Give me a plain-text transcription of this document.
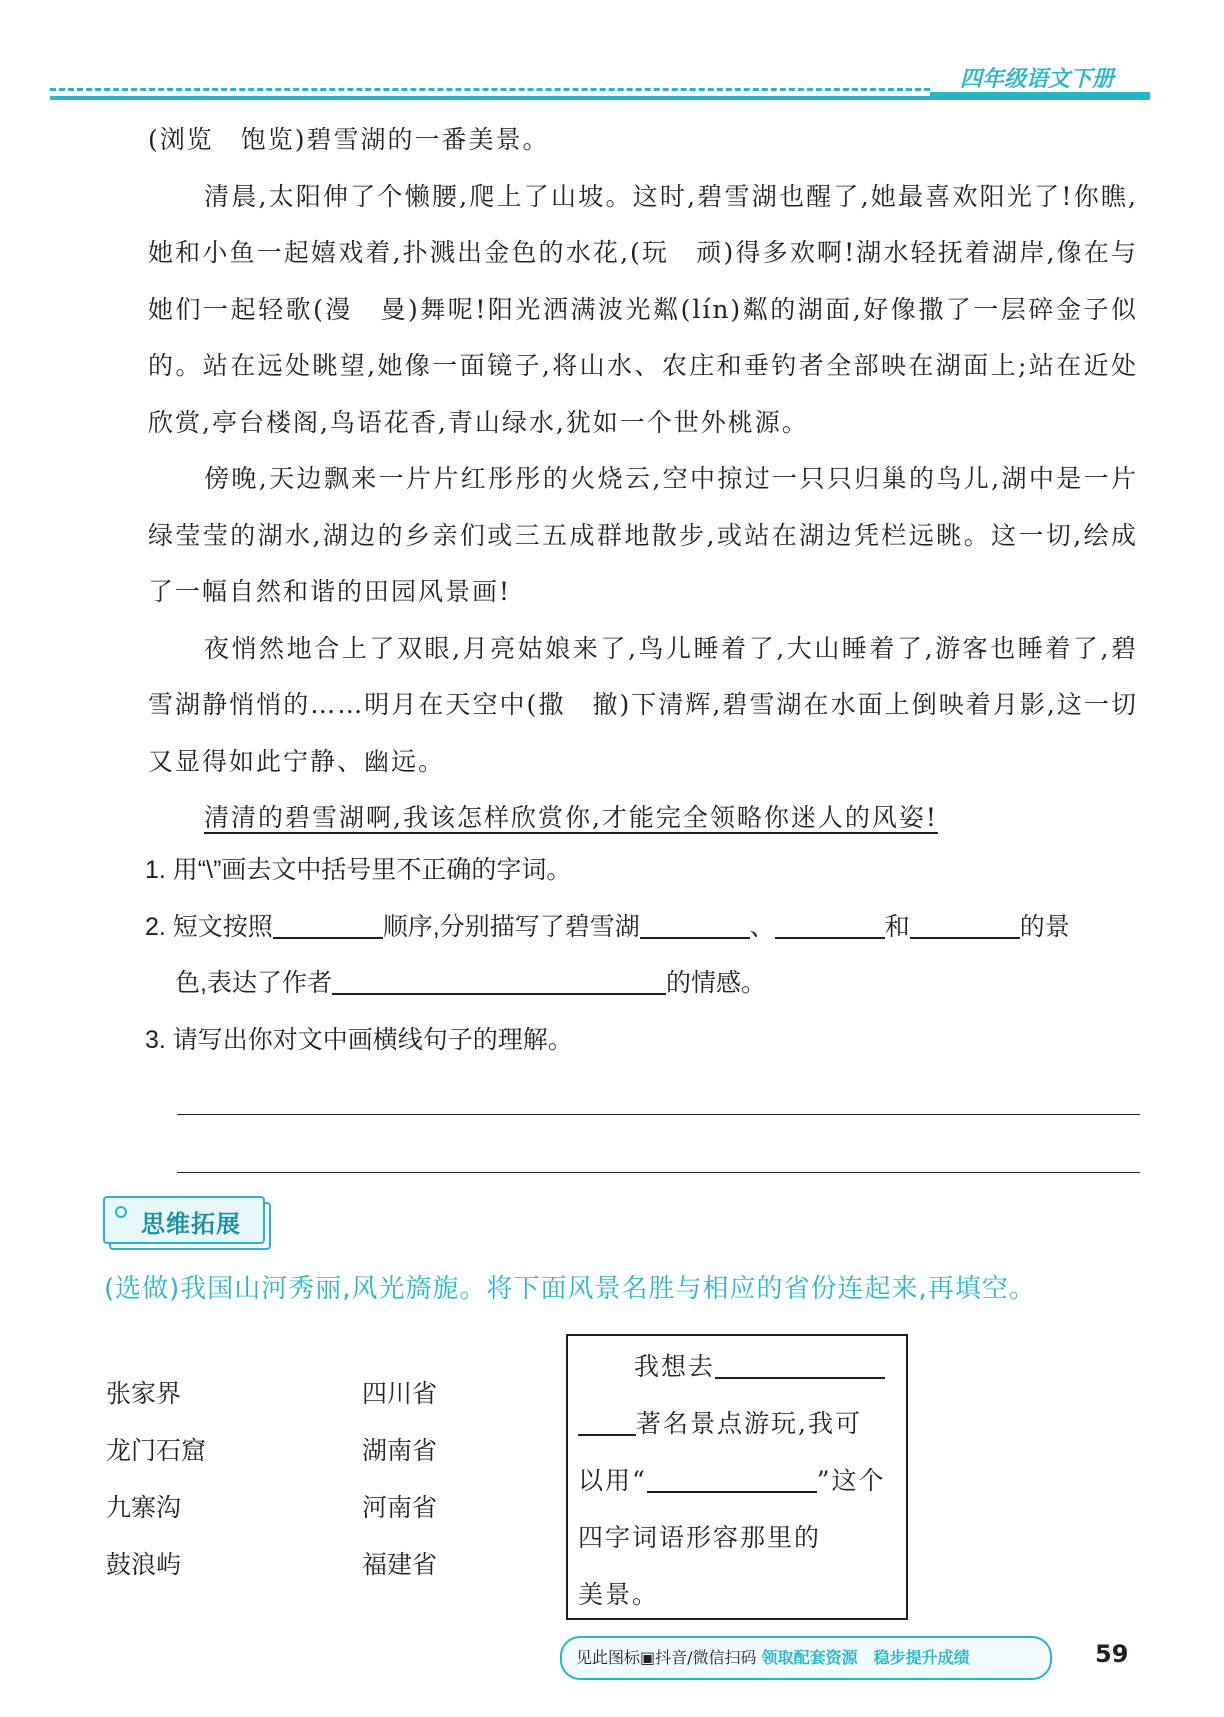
四年级语文下册

(浏览　饱览)碧雪湖的一番美景。

清晨,太阳伸了个懒腰,爬上了山坡。这时,碧雪湖也醒了,她最喜欢阳光了!你瞧,她和小鱼一起嬉戏着,扑溅出金色的水花,(玩　顽)得多欢啊!湖水轻抚着湖岸,像在与她们一起轻歌(漫　曼)舞呢!阳光洒满波光粼(lín)粼的湖面,好像撒了一层碎金子似的。站在远处眺望,她像一面镜子,将山水、农庄和垂钓者全部映在湖面上;站在近处欣赏,亭台楼阁,鸟语花香,青山绿水,犹如一个世外桃源。

傍晚,天边飘来一片片红彤彤的火烧云,空中掠过一只只归巢的鸟儿,湖中是一片绿莹莹的湖水,湖边的乡亲们或三五成群地散步,或站在湖边凭栏远眺。这一切,绘成了一幅自然和谐的田园风景画!

夜悄然地合上了双眼,月亮姑娘来了,鸟儿睡着了,大山睡着了,游客也睡着了,碧雪湖静悄悄的……明月在天空中(撒　撤)下清辉,碧雪湖在水面上倒映着月影,这一切又显得如此宁静、幽远。

清清的碧雪湖啊,我该怎样欣赏你,才能完全领略你迷人的风姿!

1. 用“\”画去文中括号里不正确的字词。
2. 短文按照	顺序,分别描写了碧雪湖	、	和	的景
色,表达了作者	的情感。
3. 请写出你对文中画横线句子的理解。
思维拓展
(选做)我国山河秀丽,风光旖旎。将下面风景名胜与相应的省份连起来,再填空。
张家界
龙门石窟
九寨沟
鼓浪屿
四川省
湖南省
河南省
福建省
我想去
著名景点游玩,我可
以用“	”这个
四字词语形容那里的
美景。
见此图标▣抖音/微信扫码 领取配套资源　稳步提升成绩	59
